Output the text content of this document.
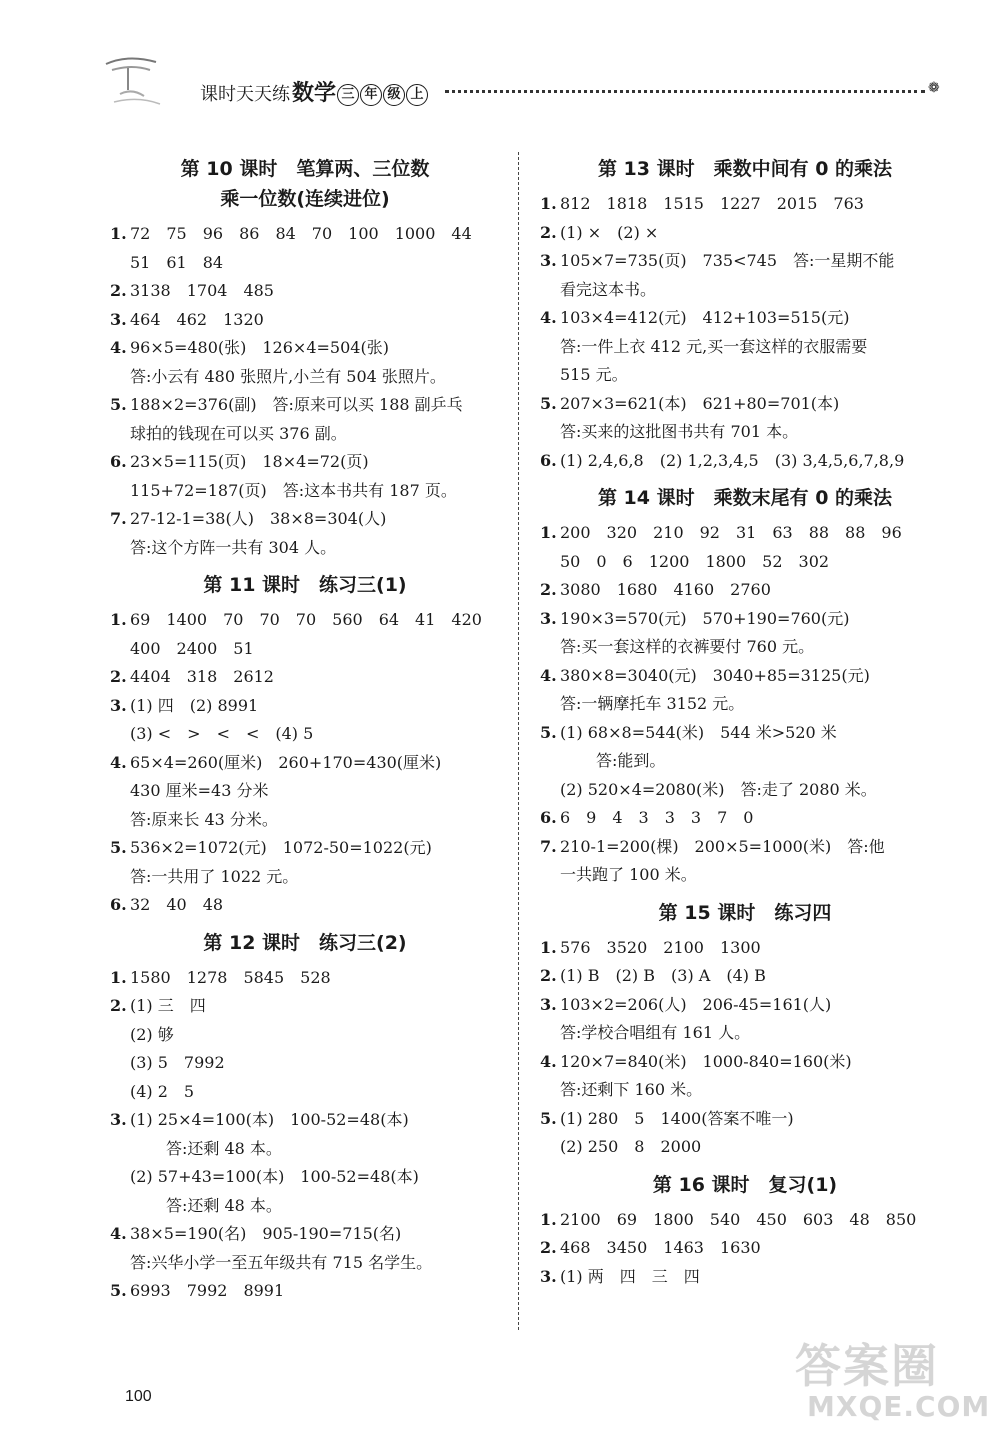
课时天天练数学 三 年 级 上	❁
第 10 课时　笔算两、三位数
乘一位数(连续进位)
1. 72　75　96　86　84　70　100　1000　44
51　61　84
2. 3138　1704　485
3. 464　462　1320
4. 96×5=480(张)　126×4=504(张)
答:小云有 480 张照片,小兰有 504 张照片。
5. 188×2=376(副)　答:原来可以买 188 副乒乓
球拍的钱现在可以买 376 副。
6. 23×5=115(页)　18×4=72(页)
115+72=187(页)　答:这本书共有 187 页。
7. 27-12-1=38(人)　38×8=304(人)
答:这个方阵一共有 304 人。
第 11 课时　练习三(1)
1. 69　1400　70　70　70　560　64　41　420
400　2400　51
2. 4404　318　2612
3. (1) 四　(2) 8991
(3) <　>　<　<　(4) 5
4. 65×4=260(厘米)　260+170=430(厘米)
430 厘米=43 分米
答:原来长 43 分米。
5. 536×2=1072(元)　1072-50=1022(元)
答:一共用了 1022 元。
6. 32　40　48
第 12 课时　练习三(2)
1. 1580　1278　5845　528
2. (1) 三　四
(2) 够
(3) 5　7992
(4) 2　5
3. (1) 25×4=100(本)　100-52=48(本)
答:还剩 48 本。
(2) 57+43=100(本)　100-52=48(本)
答:还剩 48 本。
4. 38×5=190(名)　905-190=715(名)
答:兴华小学一至五年级共有 715 名学生。
5. 6993　7992　8991
第 13 课时　乘数中间有 0 的乘法
1. 812　1818　1515　1227　2015　763
2. (1) ×　(2) ×
3. 105×7=735(页)　735<745　答:一星期不能
看完这本书。
4. 103×4=412(元)　412+103=515(元)
答:一件上衣 412 元,买一套这样的衣服需要
515 元。
5. 207×3=621(本)　621+80=701(本)
答:买来的这批图书共有 701 本。
6. (1) 2,4,6,8　(2) 1,2,3,4,5　(3) 3,4,5,6,7,8,9
第 14 课时　乘数末尾有 0 的乘法
1. 200　320　210　92　31　63　88　88　96
50　0　6　1200　1800　52　302
2. 3080　1680　4160　2760
3. 190×3=570(元)　570+190=760(元)
答:买一套这样的衣裤要付 760 元。
4. 380×8=3040(元)　3040+85=3125(元)
答:一辆摩托车 3152 元。
5. (1) 68×8=544(米)　544 米>520 米
答:能到。
(2) 520×4=2080(米)　答:走了 2080 米。
6. 6　9　4　3　3　3　7　0
7. 210-1=200(棵)　200×5=1000(米)　答:他
一共跑了 100 米。
第 15 课时　练习四
1. 576　3520　2100　1300
2. (1) B　(2) B　(3) A　(4) B
3. 103×2=206(人)　206-45=161(人)
答:学校合唱组有 161 人。
4. 120×7=840(米)　1000-840=160(米)
答:还剩下 160 米。
5. (1) 280　5　1400(答案不唯一)
(2) 250　8　2000
第 16 课时　复习(1)
1. 2100　69　1800　540　450　603　48　850
2. 468　3450　1463　1630
3. (1) 两　四　三　四
100
答案圈
MXQE.COM
